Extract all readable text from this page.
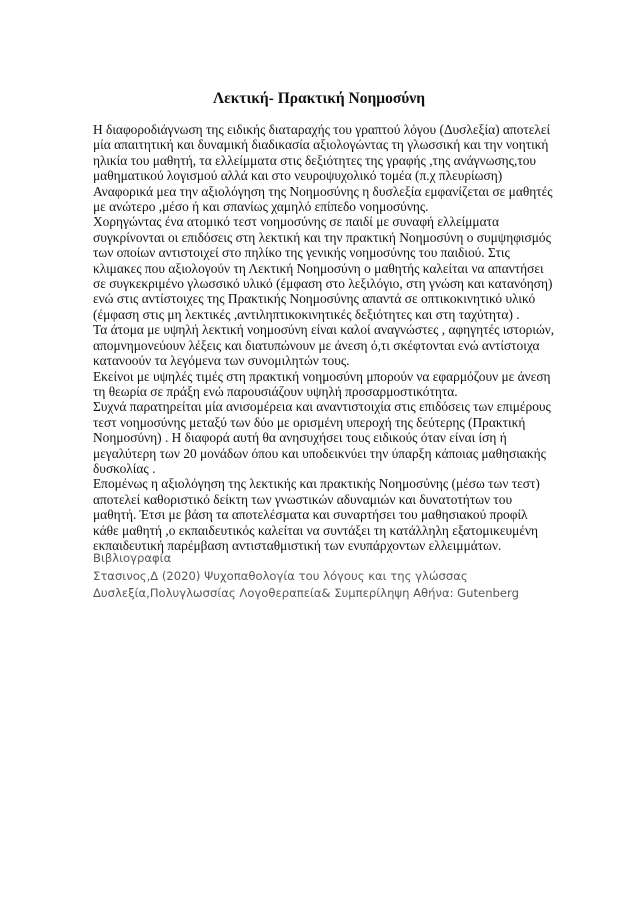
Λεκτική- Πρακτική Νοημοσύνη
Η διαφοροδιάγνωση της ειδικής διαταραχής του γραπτού λόγου (Δυσλεξία) αποτελεί
μία απαιτητική και δυναμική διαδικασία αξιολογώντας τη γλωσσική και την νοητική
ηλικία του μαθητή, τα ελλείμματα στις δεξιότητες της γραφής ,της ανάγνωσης,του
μαθηματικού λογισμού αλλά και στο νευροψυχολικό τομέα (π.χ πλευρίωση)
Αναφορικά μεα την αξιολόγηση της Νοημοσύνης η δυσλεξία εμφανίζεται σε μαθητές
με ανώτερο ,μέσο ή και σπανίως χαμηλό επίπεδο νοημοσύνης.
Χορηγώντας ένα ατομικό τεστ νοημοσύνης σε παιδί με συναφή ελλείμματα
συγκρίνονται οι επιδόσεις στη λεκτική και την πρακτική Νοημοσύνη ο συμψηφισμός
των οποίων αντιστοιχεί στο πηλίκο της γενικής νοημοσύνης του παιδιού. Στις
κλιμακες που αξιολογούν τη Λεκτική Νοημοσύνη ο μαθητής καλείται να απαντήσει
σε συγκεκριμένο γλωσσικό υλικό (έμφαση στο λεξιλόγιο, στη γνώση και κατανόηση)
ενώ στις αντίστοιχες της Πρακτικής Νοημοσύνης απαντά σε οπτικοκινητικό υλικό
(έμφαση στις μη λεκτικές ,αντιληπτικοκινητικές δεξιότητες και στη ταχύτητα) .
Τα άτομα με υψηλή λεκτική νοημοσύνη είναι καλοί αναγνώστες , αφηγητές ιστοριών,
απομνημονεύουν λέξεις και διατυπώνουν με άνεση ό,τι σκέφτονται ενώ αντίστοιχα
κατανοούν τα λεγόμενα των συνομιλητών τους.
Εκείνοι με υψηλές τιμές στη πρακτική νοημοσύνη μπορούν να εφαρμόζουν με άνεση
τη θεωρία σε πράξη ενώ παρουσιάζουν υψηλή προσαρμοστικότητα.
Συχνά παρατηρείται μία ανισομέρεια και αναντιστοιχία στις επιδόσεις των επιμέρους
τεστ νοημοσύνης μεταξύ των δύο με ορισμένη υπεροχή της δεύτερης (Πρακτική
Νοημοσύνη) . Η διαφορά αυτή θα ανησυχήσει τους ειδικούς όταν είναι ίση ή
μεγαλύτερη των 20 μονάδων όπου και υποδεικνύει την ύπαρξη κάποιας μαθησιακής
δυσκολίας .
Επομένως η αξιολόγηση της λεκτικής και πρακτικής Νοημοσύνης (μέσω των τεστ)
αποτελεί καθοριστικό δείκτη των γνωστικών αδυναμιών και δυνατοτήτων του
μαθητή. Έτσι με βάση τα αποτελέσματα και συναρτήσει του μαθησιακού προφίλ
κάθε μαθητή ,ο εκπαιδευτικός καλείται να συντάξει τη κατάλληλη εξατομικευμένη
εκπαιδευτική παρέμβαση αντισταθμιστική των ενυπάρχοντων ελλειμμάτων.
Βιβλιογραφία
Στασινος,Δ (2020) Ψυχοπαθολογία του λόγους και της γλώσσας
Δυσλεξία,Πολυγλωσσίας Λογοθεραπεία& Συμπερίληψη Αθήνα: Gutenberg
